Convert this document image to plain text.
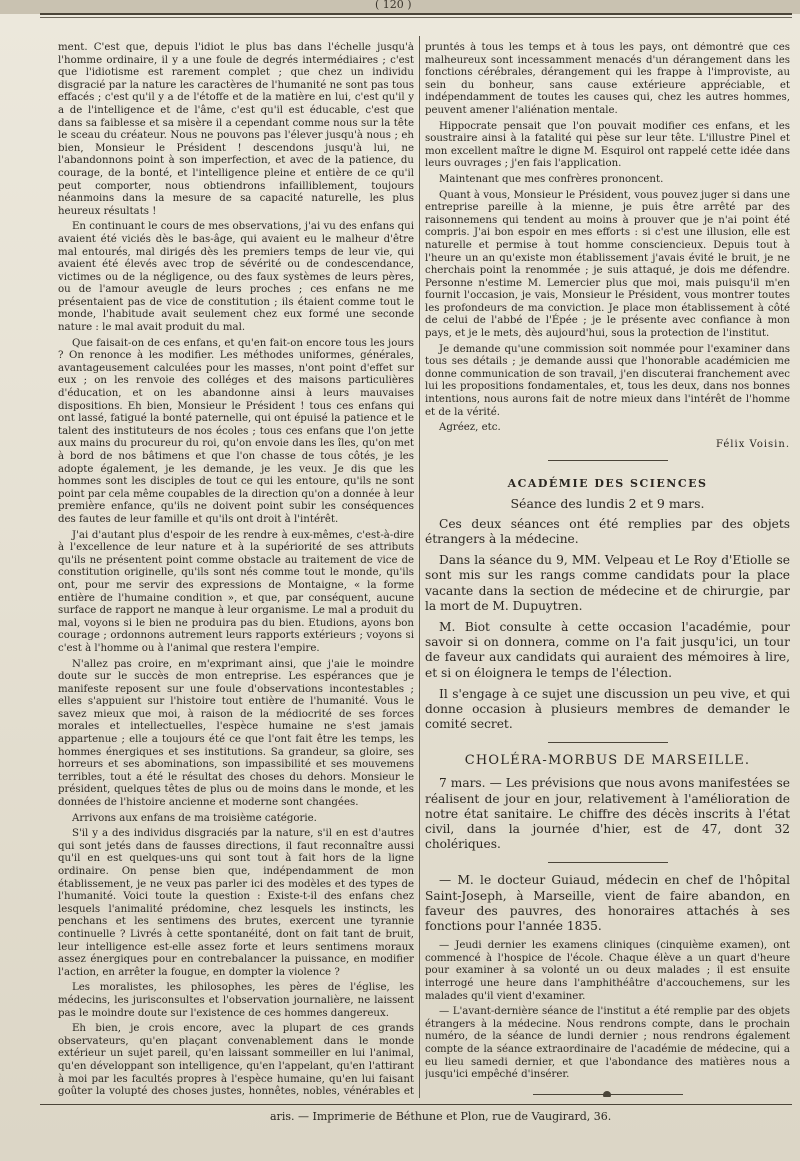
( 120 )

ment. C'est que, depuis l'idiot le plus bas dans l'échelle jusqu'à l'homme ordinaire, il y a une foule de degrés intermédiaires ; c'est que l'idiotisme est rarement complet ; que chez un individu disgracié par la nature les caractères de l'humanité ne sont pas tous effacés ; c'est qu'il y a de l'étoffe et de la matière en lui, c'est qu'il y a de l'intelligence et de l'âme, c'est qu'il est éducable, c'est que dans sa faiblesse et sa misère il a cependant comme nous sur la tête le sceau du créateur. Nous ne pouvons pas l'élever jusqu'à nous ; eh bien, Monsieur le Président ! descendons jusqu'à lui, ne l'abandonnons point à son imperfection, et avec de la patience, du courage, de la bonté, et l'intelligence pleine et entière de ce qu'il peut comporter, nous obtiendrons infailliblement, toujours néanmoins dans la mesure de sa capacité naturelle, les plus heureux résultats !

En continuant le cours de mes observations, j'ai vu des enfans qui avaient été viciés dès le bas-âge, qui avaient eu le malheur d'être mal entourés, mal dirigés dès les premiers temps de leur vie, qui avaient été élevés avec trop de sévérité ou de condescendance, victimes ou de la négligence, ou des faux systèmes de leurs pères, ou de l'amour aveugle de leurs proches ; ces enfans ne me présentaient pas de vice de constitution ; ils étaient comme tout le monde, l'habitude avait seulement chez eux formé une seconde nature : le mal avait produit du mal.

Que faisait-on de ces enfans, et qu'en fait-on encore tous les jours ? On renonce à les modifier. Les méthodes uniformes, générales, avantageusement calculées pour les masses, n'ont point d'effet sur eux ; on les renvoie des colléges et des maisons particulières d'éducation, et on les abandonne ainsi à leurs mauvaises dispositions. Eh bien, Monsieur le Président ! tous ces enfans qui ont lassé, fatigué la bonté paternelle, qui ont épuisé la patience et le talent des instituteurs de nos écoles ; tous ces enfans que l'on jette aux mains du procureur du roi, qu'on envoie dans les îles, qu'on met à bord de nos bâtimens et que l'on chasse de tous côtés, je les adopte également, je les demande, je les veux. Je dis que les hommes sont les disciples de tout ce qui les entoure, qu'ils ne sont point par cela même coupables de la direction qu'on a donnée à leur première enfance, qu'ils ne doivent point subir les conséquences des fautes de leur famille et qu'ils ont droit à l'intérêt.

J'ai d'autant plus d'espoir de les rendre à eux-mêmes, c'est-à-dire à l'excellence de leur nature et à la supériorité de ses attributs qu'ils ne présentent point comme obstacle au traitement de vice de constitution originelle, qu'ils sont nés comme tout le monde, qu'ils ont, pour me servir des expressions de Montaigne, « la forme entière de l'humaine condition », et que, par conséquent, aucune surface de rapport ne manque à leur organisme. Le mal a produit du mal, voyons si le bien ne produira pas du bien. Etudions, ayons bon courage ; ordonnons autrement leurs rapports extérieurs ; voyons si c'est à l'homme ou à l'animal que restera l'empire.

N'allez pas croire, en m'exprimant ainsi, que j'aie le moindre doute sur le succès de mon entreprise. Les espérances que je manifeste reposent sur une foule d'observations incontestables ; elles s'appuient sur l'histoire tout entière de l'humanité. Vous le savez mieux que moi, à raison de la médiocrité de ses forces morales et intellectuelles, l'espèce humaine ne s'est jamais appartenue ; elle a toujours été ce que l'ont fait être les temps, les hommes énergiques et ses institutions. Sa grandeur, sa gloire, ses horreurs et ses abominations, son impassibilité et ses mouvemens terribles, tout a été le résultat des choses du dehors. Monsieur le président, quelques têtes de plus ou de moins dans le monde, et les données de l'histoire ancienne et moderne sont changées.

Arrivons aux enfans de ma troisième catégorie.

S'il y a des individus disgraciés par la nature, s'il en est d'autres qui sont jetés dans de fausses directions, il faut reconnaître aussi qu'il en est quelques-uns qui sont tout à fait hors de la ligne ordinaire. On pense bien que, indépendamment de mon établissement, je ne veux pas parler ici des modèles et des types de l'humanité. Voici toute la question : Existe-t-il des enfans chez lesquels l'animalité prédomine, chez lesquels les instincts, les penchans et les sentimens des brutes, exercent une tyrannie continuelle ? Livrés à cette spontanéité, dont on fait tant de bruit, leur intelligence est-elle assez forte et leurs sentimens moraux assez énergiques pour en contrebalancer la puissance, en modifier l'action, en arrêter la fougue, en dompter la violence ?

Les moralistes, les philosophes, les pères de l'église, les médecins, les jurisconsultes et l'observation journalière, ne laissent pas le moindre doute sur l'existence de ces hommes dangereux.

Eh bien, je crois encore, avec la plupart de ces grands observateurs, qu'en plaçant convenablement dans le monde extérieur un sujet pareil, qu'en laissant sommeiller en lui l'animal, qu'en développant son intelligence, qu'en l'appelant, qu'en l'attirant à moi par les facultés propres à l'espèce humaine, qu'en lui faisant goûter la volupté des choses justes, honnêtes, nobles, vénérables et

pruntés à tous les temps et à tous les pays, ont démontré que ces malheureux sont incessamment menacés d'un dérangement dans les fonctions cérébrales, dérangement qui les frappe à l'improviste, au sein du bonheur, sans cause extérieure appréciable, et indépendamment de toutes les causes qui, chez les autres hommes, peuvent amener l'aliénation mentale.

Hippocrate pensait que l'on pouvait modifier ces enfans, et les soustraire ainsi à la fatalité qui pèse sur leur tête. L'illustre Pinel et mon excellent maître le digne M. Esquirol ont rappelé cette idée dans leurs ouvrages ; j'en fais l'application.

Maintenant que mes confrères prononcent.

Quant à vous, Monsieur le Président, vous pouvez juger si dans une entreprise pareille à la mienne, je puis être arrêté par des raisonnemens qui tendent au moins à prouver que je n'ai point été compris. J'ai bon espoir en mes efforts : si c'est une illusion, elle est naturelle et permise à tout homme consciencieux. Depuis tout à l'heure un an qu'existe mon établissement j'avais évité le bruit, je ne cherchais point la renommée ; je suis attaqué, je dois me défendre. Personne n'estime M. Lemercier plus que moi, mais puisqu'il m'en fournit l'occasion, je vais, Monsieur le Président, vous montrer toutes les profondeurs de ma conviction. Je place mon établissement à côté de celui de l'abbé de l'Épée ; je le présente avec confiance à mon pays, et je le mets, dès aujourd'hui, sous la protection de l'institut.

Je demande qu'une commission soit nommée pour l'examiner dans tous ses détails ; je demande aussi que l'honorable académicien me donne communication de son travail, j'en discuterai franchement avec lui les propositions fondamentales, et, tous les deux, dans nos bonnes intentions, nous aurons fait de notre mieux dans l'intérêt de l'homme et de la vérité.

Agréez, etc.

Félix Voisin.
ACADÉMIE DES SCIENCES
Séance des lundis 2 et 9 mars.

Ces deux séances ont été remplies par des objets étrangers à la médecine.

Dans la séance du 9, MM. Velpeau et Le Roy d'Etiolle se sont mis sur les rangs comme candidats pour la place vacante dans la section de médecine et de chirurgie, par la mort de M. Dupuytren.

M. Biot consulte à cette occasion l'académie, pour savoir si on donnera, comme on l'a fait jusqu'ici, un tour de faveur aux candidats qui auraient des mémoires à lire, et si on éloignera le temps de l'élection.

Il s'engage à ce sujet une discussion un peu vive, et qui donne occasion à plusieurs membres de demander le comité secret.

CHOLÉRA-MORBUS DE MARSEILLE.

7 mars. — Les prévisions que nous avons manifestées se réalisent de jour en jour, relativement à l'amélioration de notre état sanitaire. Le chiffre des décès inscrits à l'état civil, dans la journée d'hier, est de 47, dont 32 cholériques.

— M. le docteur Guiaud, médecin en chef de l'hôpital Saint-Joseph, à Marseille, vient de faire abandon, en faveur des pauvres, des honoraires attachés à ses fonctions pour l'année 1835.

— Jeudi dernier les examens cliniques (cinquième examen), ont commencé à l'hospice de l'école. Chaque élève a un quart d'heure pour examiner à sa volonté un ou deux malades ; il est ensuite interrogé une heure dans l'amphithéâtre d'accouchemens, sur les malades qu'il vient d'examiner.

— L'avant-dernière séance de l'institut a été remplie par des objets étrangers à la médecine. Nous rendrons compte, dans le prochain numéro, de la séance de lundi dernier ; nous rendrons également compte de la séance extraordinaire de l'académie de médecine, qui a eu lieu samedi dernier, et que l'abondance des matières nous a jusqu'ici empêché d'insérer.

aris. — Imprimerie de Béthune et Plon, rue de Vaugirard, 36.
